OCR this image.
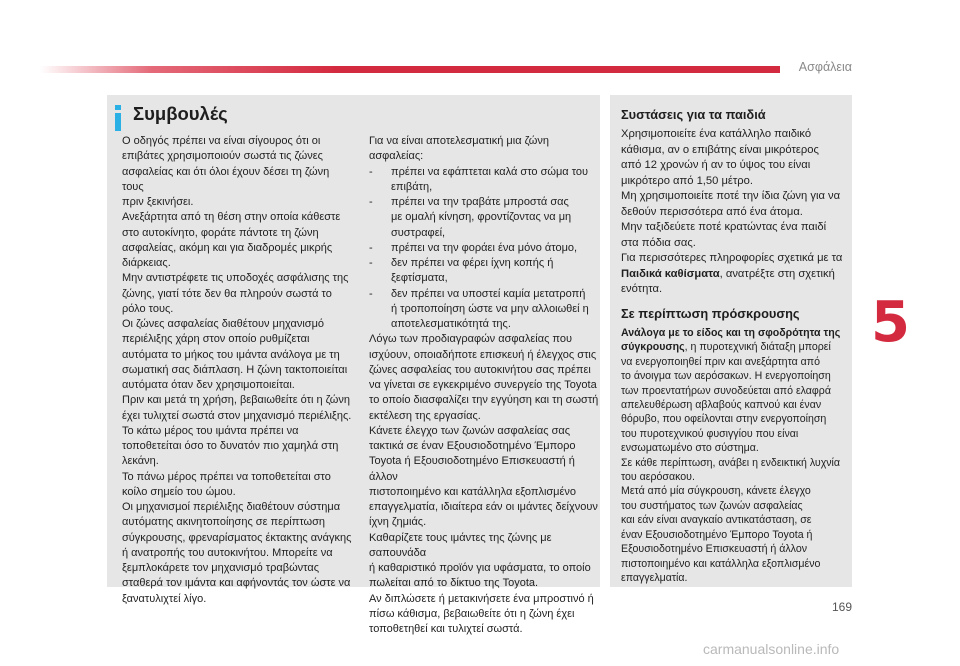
Ασφάλεια
Συμβουλές

Ο οδηγός πρέπει να είναι σίγουρος ότι οι

επιβάτες χρησιμοποιούν σωστά τις ζώνες

ασφαλείας και ότι όλοι έχουν δέσει τη ζώνη τους

πριν ξεκινήσει.

Ανεξάρτητα από τη θέση στην οποία κάθεστε

στο αυτοκίνητο, φοράτε πάντοτε τη ζώνη

ασφαλείας, ακόμη και για διαδρομές μικρής

διάρκειας.

Μην αντιστρέφετε τις υποδοχές ασφάλισης της

ζώνης, γιατί τότε δεν θα πληρούν σωστά το

ρόλο τους.

Οι ζώνες ασφαλείας διαθέτουν μηχανισμό

περιέλιξης χάρη στον οποίο ρυθμίζεται

αυτόματα το μήκος του ιμάντα ανάλογα με τη

σωματική σας διάπλαση. Η ζώνη τακτοποιείται

αυτόματα όταν δεν χρησιμοποιείται.

Πριν και μετά τη χρήση, βεβαιωθείτε ότι η ζώνη

έχει τυλιχτεί σωστά στον μηχανισμό περιέλιξης.

Το κάτω μέρος του ιμάντα πρέπει να

τοποθετείται όσο το δυνατόν πιο χαμηλά στη

λεκάνη.

Το πάνω μέρος πρέπει να τοποθετείται στο

κοίλο σημείο του ώμου.

Οι μηχανισμοί περιέλιξης διαθέτουν σύστημα

αυτόματης ακινητοποίησης σε περίπτωση

σύγκρουσης, φρεναρίσματος έκτακτης ανάγκης

ή ανατροπής του αυτοκινήτου. Μπορείτε να

ξεμπλοκάρετε τον μηχανισμό τραβώντας

σταθερά τον ιμάντα και αφήνοντάς τον ώστε να

ξανατυλιχτεί λίγο.

Για να είναι αποτελεσματική μια ζώνη ασφαλείας:

-	πρέπει να εφάπτεται καλά στο σώμα του
επιβάτη,
-	πρέπει να την τραβάτε μπροστά σας
με ομαλή κίνηση, φροντίζοντας να μη
συστραφεί,
-	πρέπει να την φοράει ένα μόνο άτομο,
-	δεν πρέπει να φέρει ίχνη κοπής ή
ξεφτίσματα,
-	δεν πρέπει να υποστεί καμία μετατροπή
ή τροποποίηση ώστε να μην αλλοιωθεί η
αποτελεσματικότητά της.

Λόγω των προδιαγραφών ασφαλείας που

ισχύουν, οποιαδήποτε επισκευή ή έλεγχος στις

ζώνες ασφαλείας του αυτοκινήτου σας πρέπει

να γίνεται σε εγκεκριμένο συνεργείο της Toyota

το οποίο διασφαλίζει την εγγύηση και τη σωστή

εκτέλεση της εργασίας.

Κάνετε έλεγχο των ζωνών ασφαλείας σας

τακτικά σε έναν Εξουσιοδοτημένο Έμπορο

Toyota ή Εξουσιοδοτημένο Επισκευαστή ή άλλον

πιστοποιημένο και κατάλληλα εξοπλισμένο

επαγγελματία, ιδιαίτερα εάν οι ιμάντες δείχνουν

ίχνη ζημιάς.

Καθαρίζετε τους ιμάντες της ζώνης με σαπουνάδα

ή καθαριστικό προϊόν για υφάσματα, το οποίο

πωλείται από το δίκτυο της Toyota.

Αν διπλώσετε ή μετακινήσετε ένα μπροστινό ή

πίσω κάθισμα, βεβαιωθείτε ότι η ζώνη έχει

τοποθετηθεί και τυλιχτεί σωστά.

Συστάσεις για τα παιδιά

Χρησιμοποιείτε ένα κατάλληλο παιδικό

κάθισμα, αν ο επιβάτης είναι μικρότερος

από 12 χρονών ή αν το ύψος του είναι

μικρότερο από 1,50 μέτρο.

Μη χρησιμοποιείτε ποτέ την ίδια ζώνη για να

δεθούν περισσότερα από ένα άτομα.

Μην ταξιδεύετε ποτέ κρατώντας ένα παιδί

στα πόδια σας.

Για περισσότερες πληροφορίες σχετικά με τα

Παιδικά καθίσματα, ανατρέξτε στη σχετική

ενότητα.

Σε περίπτωση πρόσκρουσης

Ανάλογα με το είδος και τη σφοδρότητα της

σύγκρουσης, η πυροτεχνική διάταξη μπορεί

να ενεργοποιηθεί πριν και ανεξάρτητα από

το άνοιγμα των αερόσακων. Η ενεργοποίηση

των προεντατήρων συνοδεύεται από ελαφρά

απελευθέρωση αβλαβούς καπνού και έναν

θόρυβο, που οφείλονται στην ενεργοποίηση

του πυροτεχνικού φυσιγγίου που είναι

ενσωματωμένο στο σύστημα.

Σε κάθε περίπτωση, ανάβει η ενδεικτική λυχνία

του αερόσακου.

Μετά από μία σύγκρουση, κάνετε έλεγχο

του συστήματος των ζωνών ασφαλείας

και εάν είναι αναγκαίο αντικατάσταση, σε

έναν Εξουσιοδοτημένο Έμπορο Toyota ή

Εξουσιοδοτημένο Επισκευαστή ή άλλον

πιστοποιημένο και κατάλληλα εξοπλισμένο

επαγγελματία.

5
169
carmanualsonline.info
